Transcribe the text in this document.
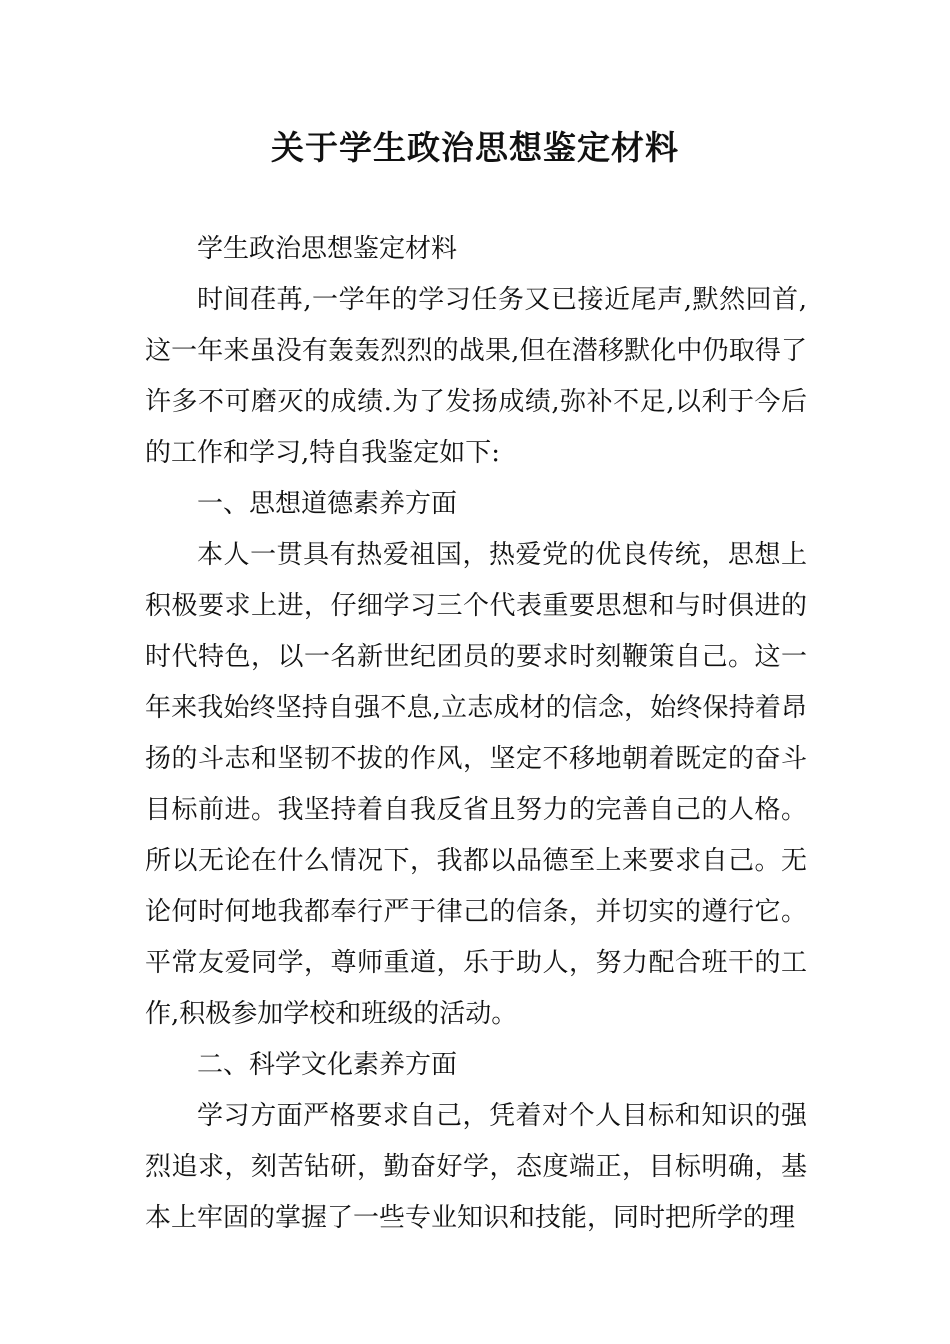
关于学生政治思想鉴定材料

学生政治思想鉴定材料

时间荏苒,一学年的学习任务又已接近尾声,默然回首,这一年来虽没有轰轰烈烈的战果,但在潜移默化中仍取得了许多不可磨灭的成绩.为了发扬成绩,弥补不足,以利于今后的工作和学习,特自我鉴定如下:

一、思想道德素养方面

本人一贯具有热爱祖国，热爱党的优良传统，思想上积极要求上进，仔细学习三个代表重要思想和与时俱进的时代特色，以一名新世纪团员的要求时刻鞭策自己。这一年来我始终坚持自强不息,立志成材的信念，始终保持着昂扬的斗志和坚韧不拔的作风，坚定不移地朝着既定的奋斗目标前进。我坚持着自我反省且努力的完善自己的人格。所以无论在什么情况下，我都以品德至上来要求自己。无论何时何地我都奉行严于律己的信条，并切实的遵行它。平常友爱同学，尊师重道，乐于助人，努力配合班干的工作,积极参加学校和班级的活动。

二、科学文化素养方面

学习方面严格要求自己，凭着对个人目标和知识的强烈追求，刻苦钻研，勤奋好学，态度端正，目标明确，基本上牢固的掌握了一些专业知识和技能，同时把所学的理
